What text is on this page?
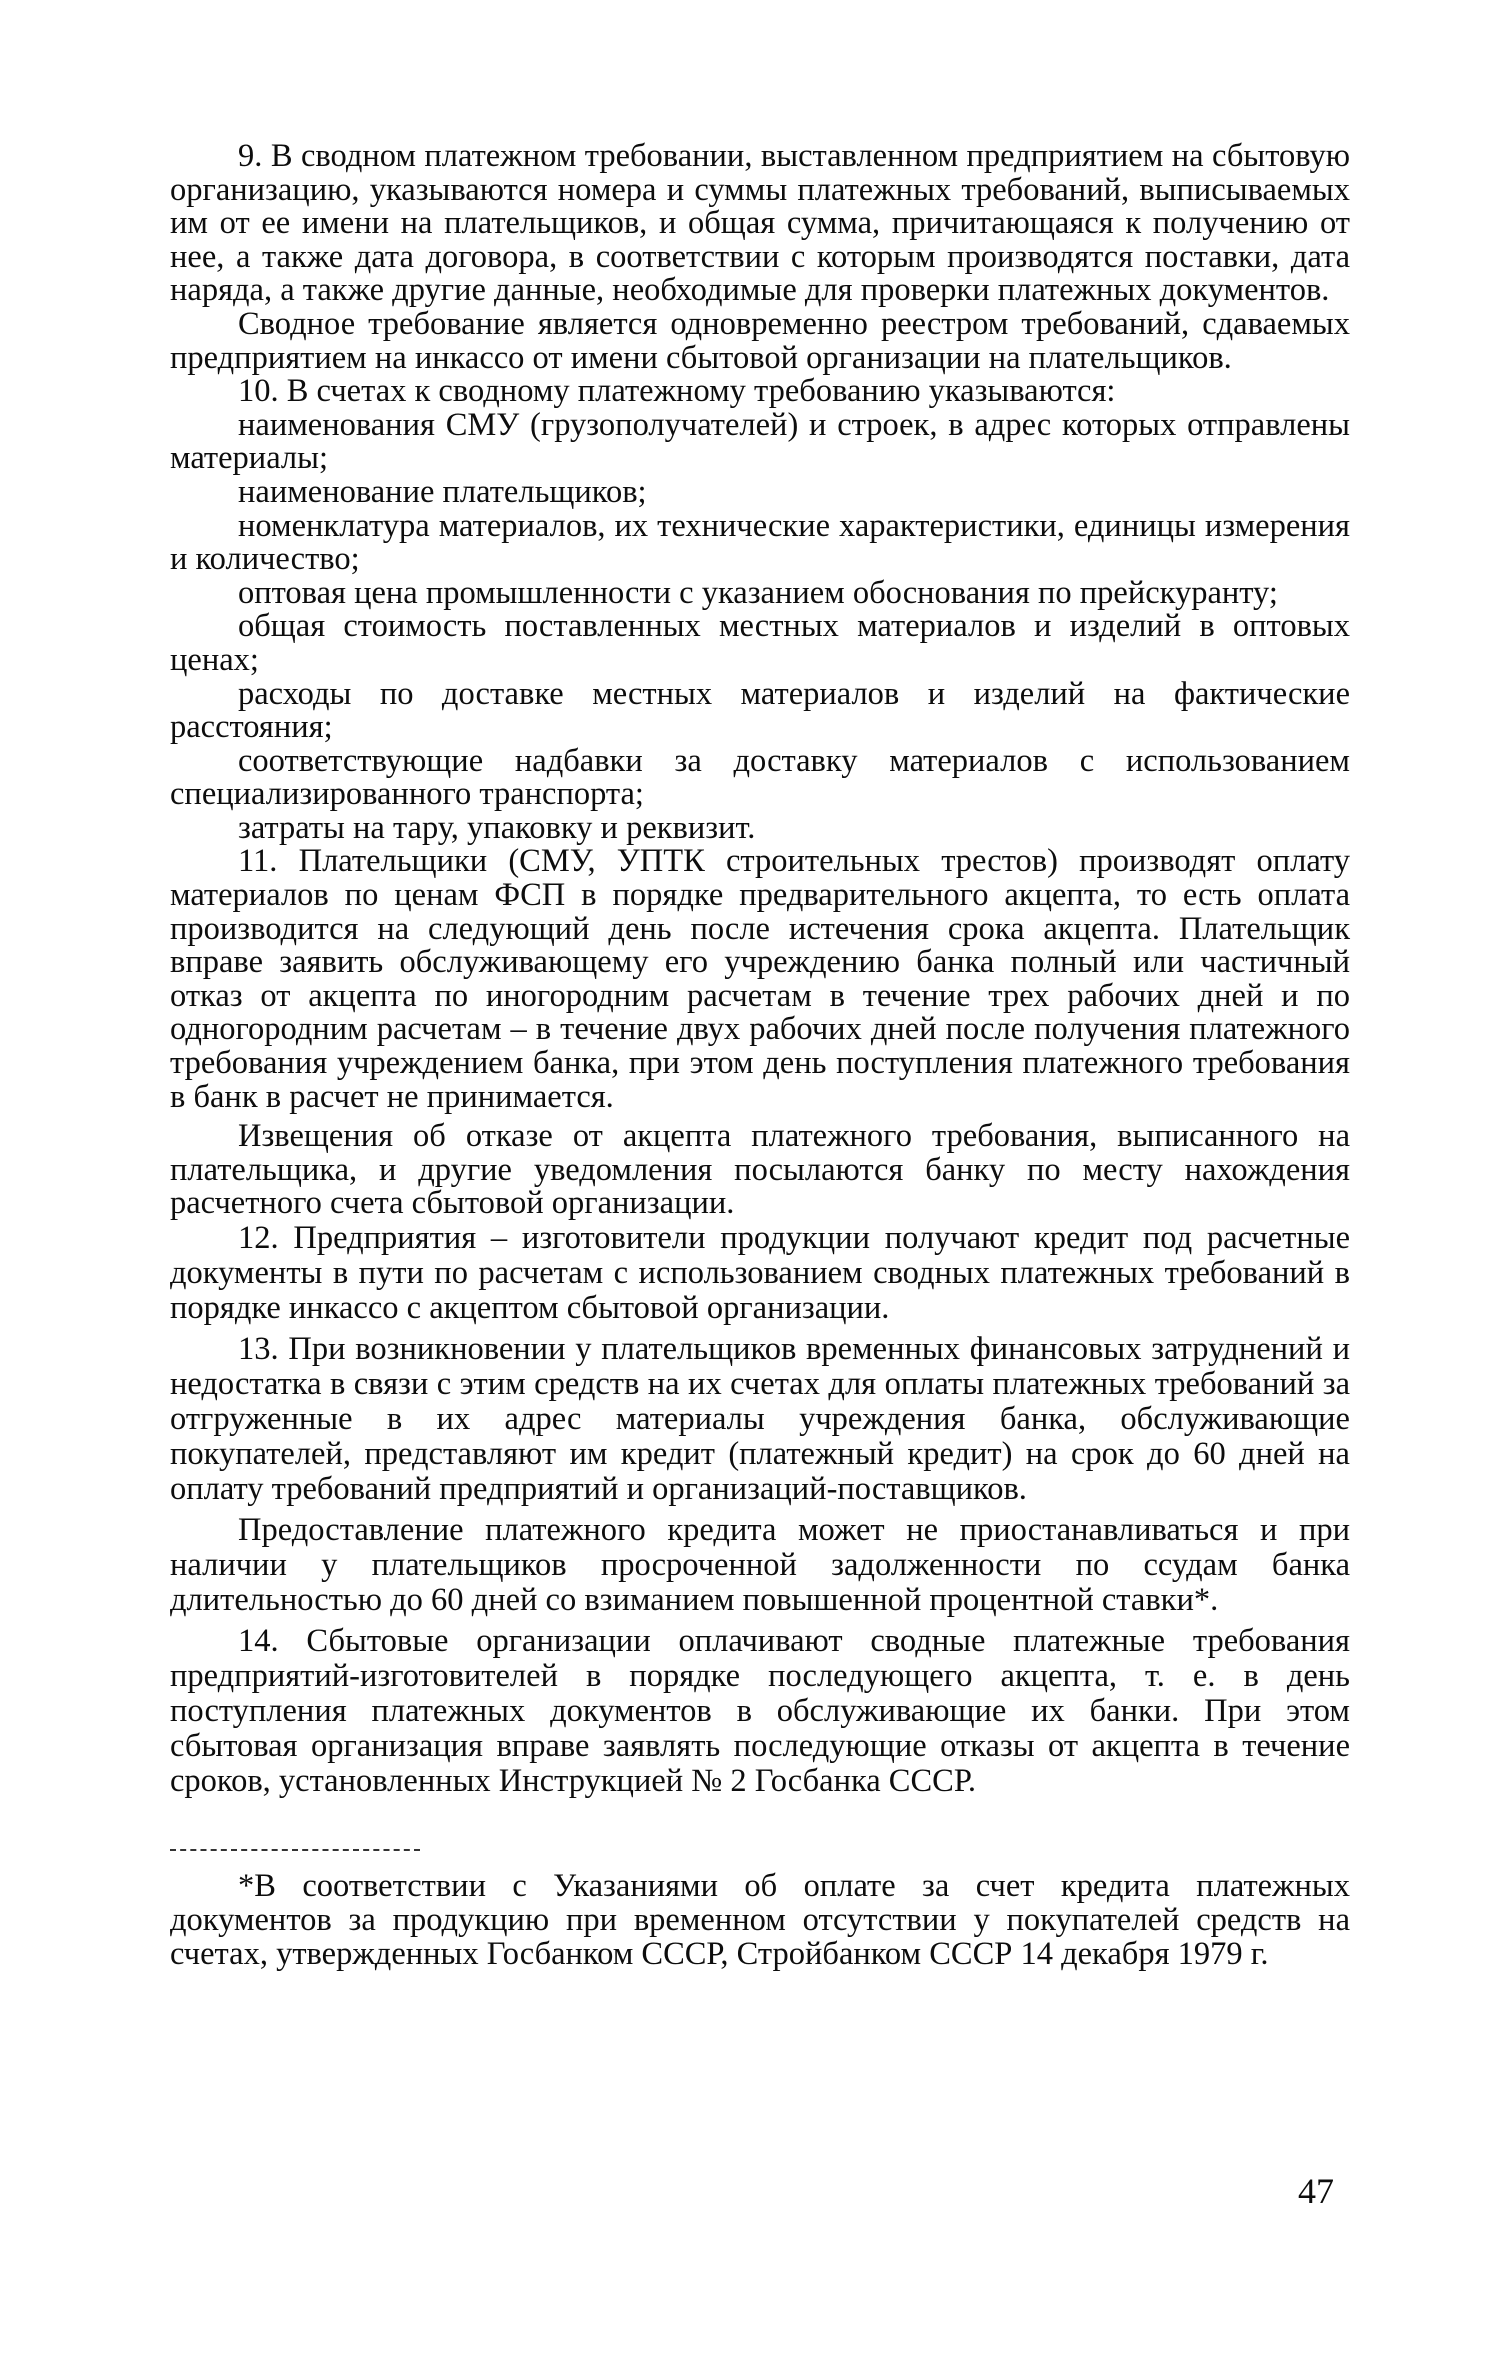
9. В сводном платежном требовании, выставленном предприятием на сбытовую организацию, указываются номера и суммы платежных требований, выписываемых им от ее имени на плательщиков, и общая сумма, причитающаяся к получению от нее, а также дата договора, в соответствии с которым производятся поставки, дата наряда, а также другие данные, необходимые для проверки платежных документов.

Сводное требование является одновременно реестром требований, сдаваемых предприятием на инкассо от имени сбытовой организации на плательщиков.

10. В счетах к сводному платежному требованию указываются:

наименования СМУ (грузополучателей) и строек, в адрес которых отправлены материалы;

наименование плательщиков;

номенклатура материалов, их технические характеристики, единицы измерения и количество;

оптовая цена промышленности с указанием обоснования по прейскуранту;

общая стоимость поставленных местных материалов и изделий в оптовых ценах;

расходы по доставке местных материалов и изделий на фактические расстояния;

соответствующие надбавки за доставку материалов с использованием специализированного транспорта;

затраты на тару, упаковку и реквизит.

11. Плательщики (СМУ, УПТК строительных трестов) производят оплату материалов по ценам ФСП в порядке предварительного акцепта, то есть оплата производится на следующий день после истечения срока акцепта. Плательщик вправе заявить обслуживающему его учреждению банка полный или частичный отказ от акцепта по иногородним расчетам в течение трех рабочих дней и по одногородним расчетам – в течение двух рабочих дней после получения платежного требования учреждением банка, при этом день поступления платежного требования в банк в расчет не принимается.

Извещения об отказе от акцепта платежного требования, выписанного на плательщика, и другие уведомления посылаются банку по месту нахождения расчетного счета сбытовой организации.

12. Предприятия – изготовители продукции получают кредит под расчетные документы в пути по расчетам с использованием сводных платежных требований в порядке инкассо с акцептом сбытовой организации.

13. При возникновении у плательщиков временных финансовых затруднений и недостатка в связи с этим средств на их счетах для оплаты платежных требований за отгруженные в их адрес материалы учреждения банка, обслуживающие покупателей, представляют им кредит (платежный кредит) на срок до 60 дней на оплату требований предприятий и организаций-поставщиков.

Предоставление платежного кредита может не приостанавливаться и при наличии у плательщиков просроченной задолженности по ссудам банка длительностью до 60 дней со взиманием повышенной процентной ставки*.

14. Сбытовые организации оплачивают сводные платежные требования предприятий-изготовителей в порядке последующего акцепта, т. е. в день поступления платежных документов в обслуживающие их банки. При этом сбытовая организация вправе заявлять последующие отказы от акцепта в течение сроков, установленных Инструкцией № 2 Госбанка СССР.

*В соответствии с Указаниями об оплате за счет кредита платежных документов за продукцию при временном отсутствии у покупателей средств на счетах, утвержденных Госбанком СССР, Стройбанком СССР 14 декабря 1979 г.

47
